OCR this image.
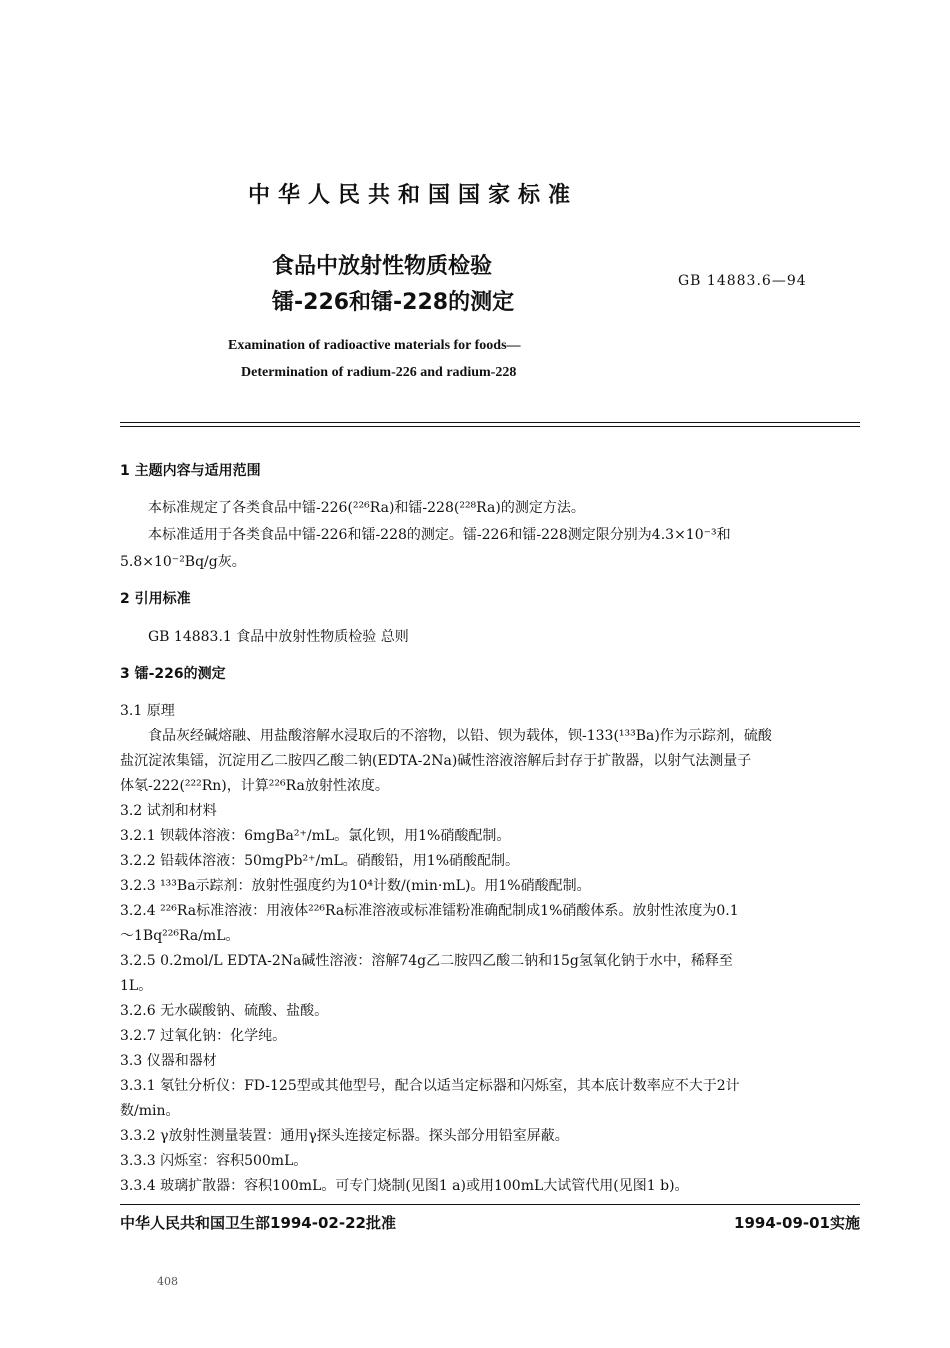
中华人民共和国国家标准
食品中放射性物质检验
镭-226和镭-228的测定
GB 14883.6—94
Examination of radioactive materials for foods—
Determination of radium-226 and radium-228
1 主题内容与适用范围
本标准规定了各类食品中镭-226(²²⁶Ra)和镭-228(²²⁸Ra)的测定方法。
本标准适用于各类食品中镭-226和镭-228的测定。镭-226和镭-228测定限分别为4.3×10⁻³和
5.8×10⁻²Bq/g灰。
2 引用标准
GB 14883.1 食品中放射性物质检验 总则
3 镭-226的测定
3.1 原理
食品灰经碱熔融、用盐酸溶解水浸取后的不溶物，以铅、钡为载体，钡-133(¹³³Ba)作为示踪剂，硫酸
盐沉淀浓集镭，沉淀用乙二胺四乙酸二钠(EDTA-2Na)碱性溶液溶解后封存于扩散器，以射气法测量子
体氡-222(²²²Rn)，计算²²⁶Ra放射性浓度。
3.2 试剂和材料
3.2.1 钡载体溶液：6mgBa²⁺/mL。氯化钡，用1%硝酸配制。
3.2.2 铅载体溶液：50mgPb²⁺/mL。硝酸铅，用1%硝酸配制。
3.2.3 ¹³³Ba示踪剂：放射性强度约为10⁴计数/(min·mL)。用1%硝酸配制。
3.2.4 ²²⁶Ra标准溶液：用液体²²⁶Ra标准溶液或标准镭粉准确配制成1%硝酸体系。放射性浓度为0.1
～1Bq²²⁶Ra/mL。
3.2.5 0.2mol/L EDTA-2Na碱性溶液：溶解74g乙二胺四乙酸二钠和15g氢氧化钠于水中，稀释至
1L。
3.2.6 无水碳酸钠、硫酸、盐酸。
3.2.7 过氧化钠：化学纯。
3.3 仪器和器材
3.3.1 氡钍分析仪：FD-125型或其他型号，配合以适当定标器和闪烁室，其本底计数率应不大于2计
数/min。
3.3.2 γ放射性测量装置：通用γ探头连接定标器。探头部分用铅室屏蔽。
3.3.3 闪烁室：容积500mL。
3.3.4 玻璃扩散器：容积100mL。可专门烧制(见图1 a)或用100mL大试管代用(见图1 b)。
中华人民共和国卫生部1994-02-22批准	1994-09-01实施
408
